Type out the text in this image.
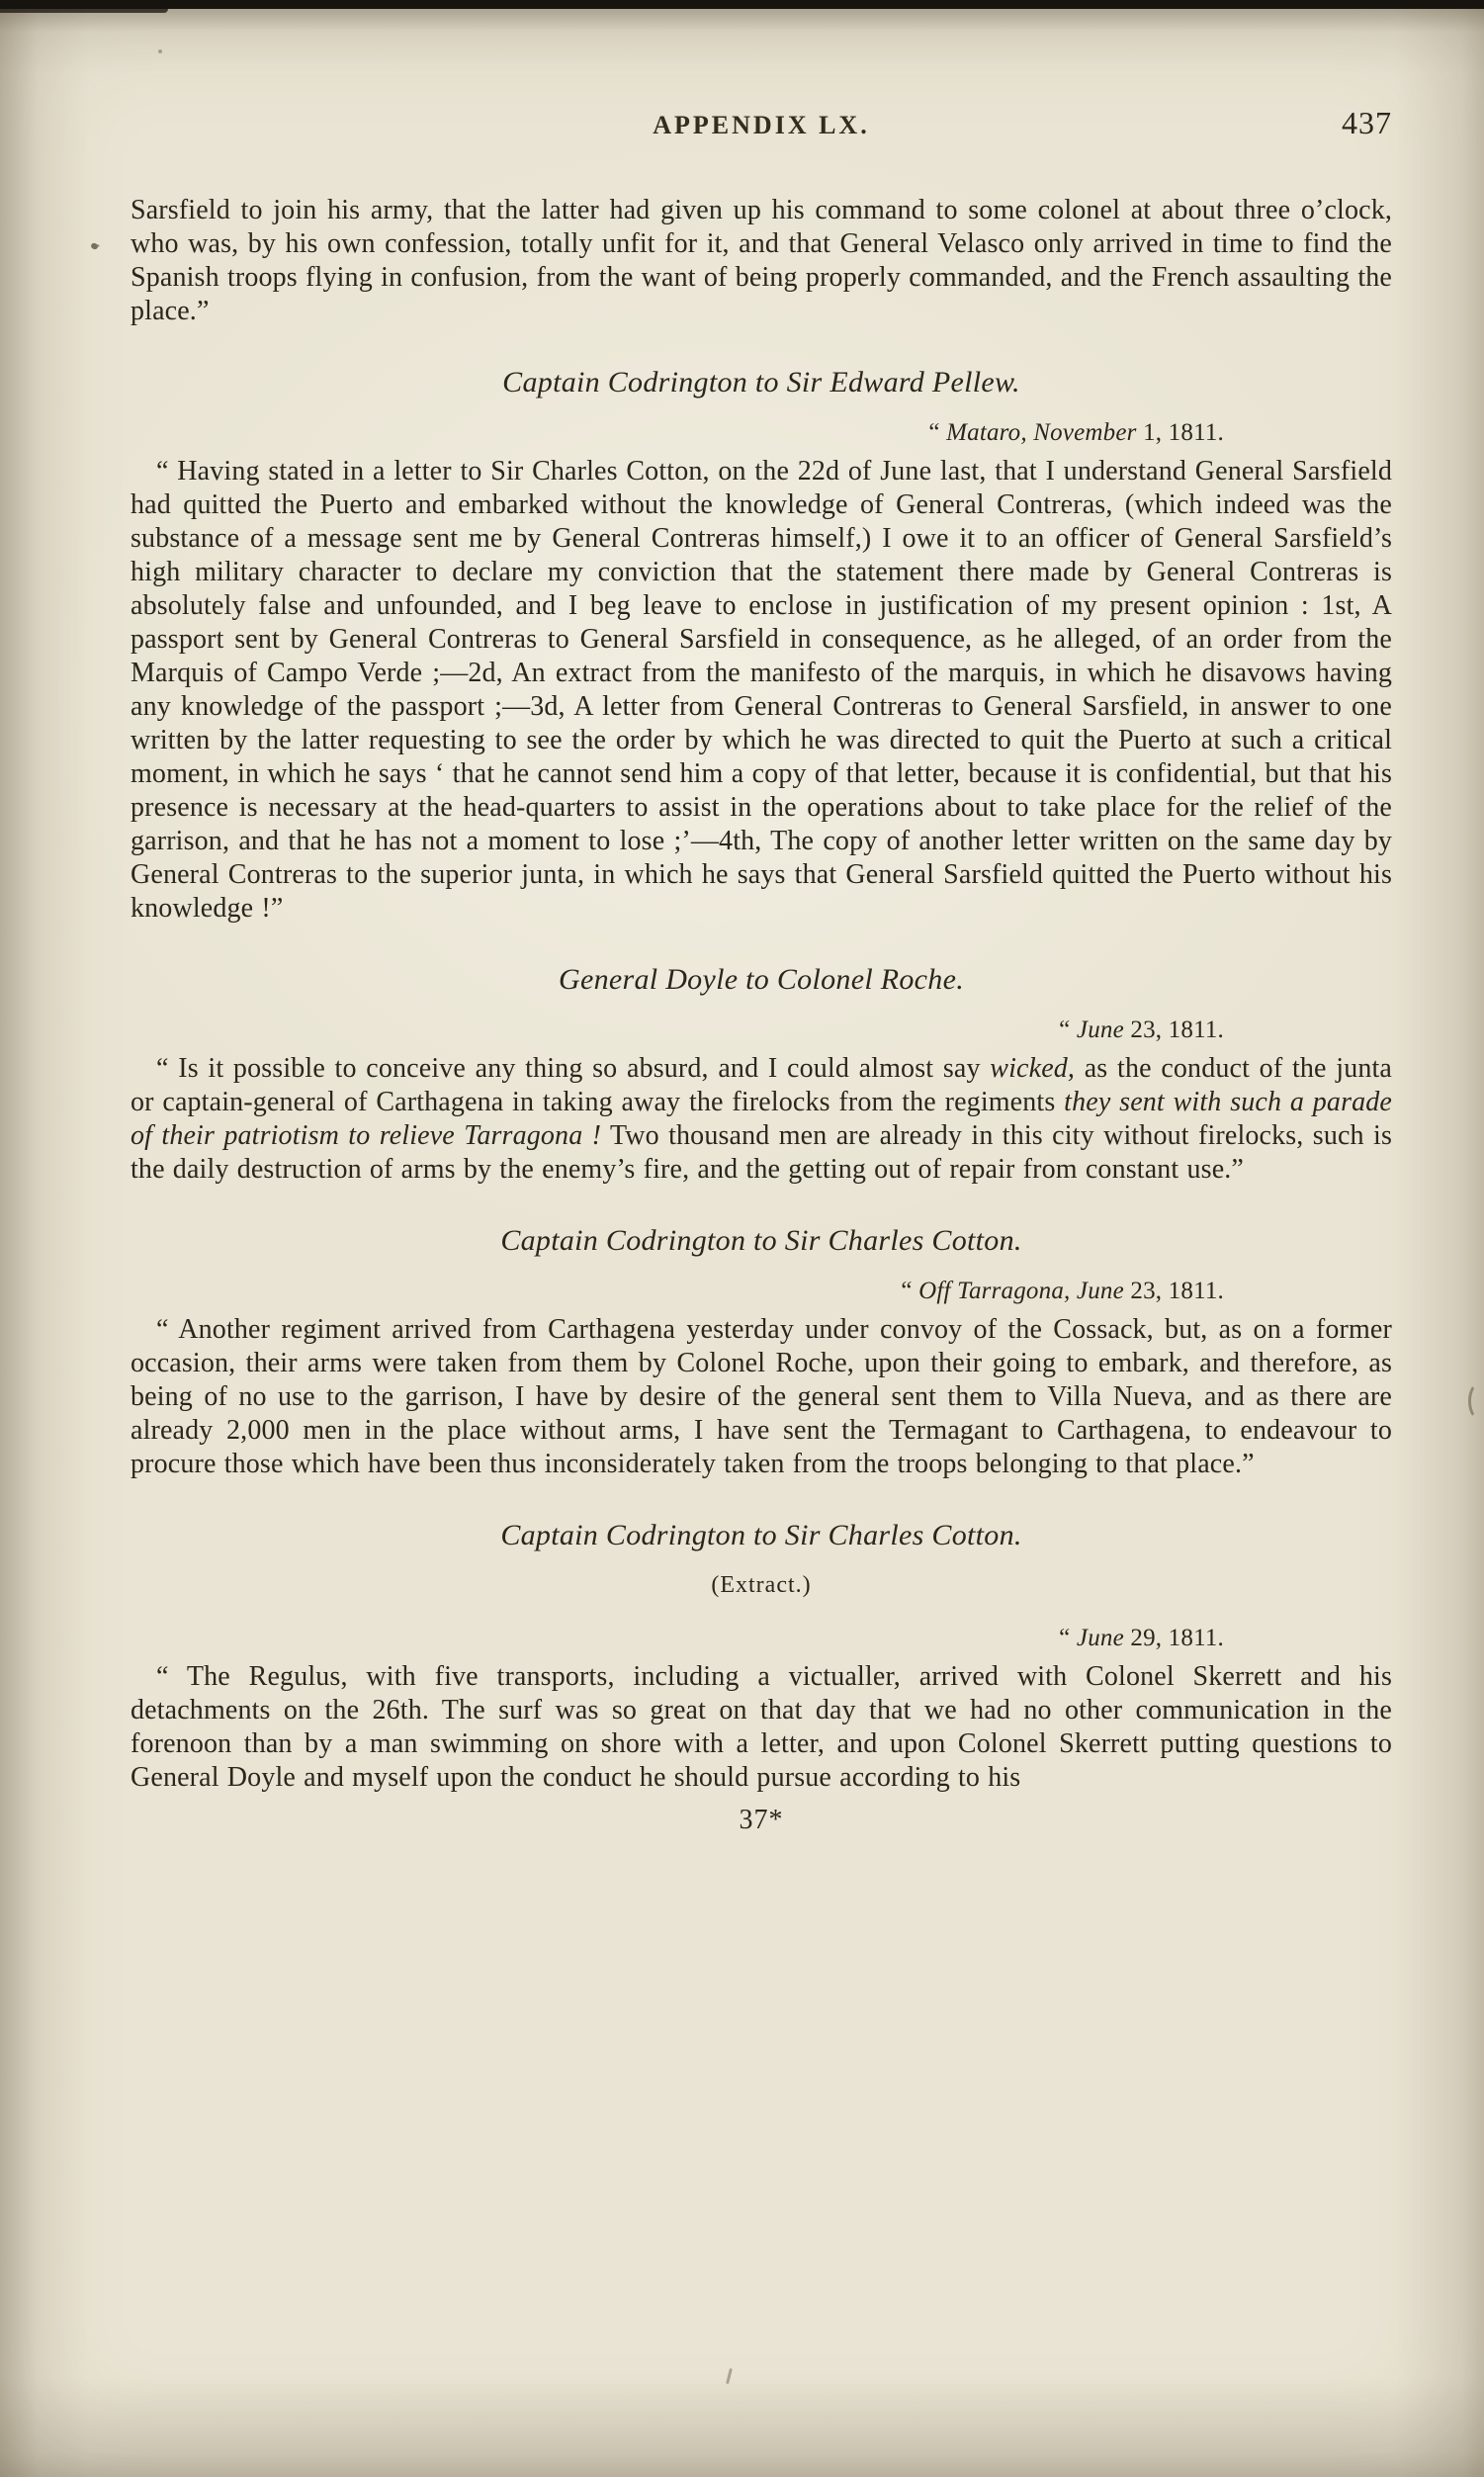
APPENDIX LX.	437

Sarsfield to join his army, that the latter had given up his command to some colonel at about three o’clock, who was, by his own confession, totally unfit for it, and that General Velasco only arrived in time to find the Spanish troops flying in confusion, from the want of being properly commanded, and the French assaulting the place.”

Captain Codrington to Sir Edward Pellew.

“ Mataro, November 1, 1811.

“ Having stated in a letter to Sir Charles Cotton, on the 22d of June last, that I understand General Sarsfield had quitted the Puerto and embarked without the knowledge of General Contreras, (which indeed was the substance of a message sent me by General Contreras himself,) I owe it to an officer of General Sarsfield’s high military character to declare my conviction that the statement there made by General Contreras is absolutely false and unfounded, and I beg leave to enclose in justification of my present opinion : 1st, A passport sent by General Contreras to General Sarsfield in consequence, as he alleged, of an order from the Marquis of Campo Verde ;—2d, An extract from the manifesto of the marquis, in which he disavows having any knowledge of the passport ;—3d, A letter from General Contreras to General Sarsfield, in answer to one written by the latter requesting to see the order by which he was directed to quit the Puerto at such a critical moment, in which he says ‘ that he cannot send him a copy of that letter, because it is confidential, but that his presence is necessary at the head-quarters to assist in the operations about to take place for the relief of the garrison, and that he has not a moment to lose ;’—4th, The copy of another letter written on the same day by General Contreras to the superior junta, in which he says that General Sarsfield quitted the Puerto without his knowledge !”

General Doyle to Colonel Roche.

“ June 23, 1811.

“ Is it possible to conceive any thing so absurd, and I could almost say wicked, as the conduct of the junta or captain-general of Carthagena in taking away the firelocks from the regiments they sent with such a parade of their patriotism to relieve Tarragona ! Two thousand men are already in this city without firelocks, such is the daily destruction of arms by the enemy’s fire, and the getting out of repair from constant use.”

Captain Codrington to Sir Charles Cotton.

“ Off Tarragona, June 23, 1811.

“ Another regiment arrived from Carthagena yesterday under convoy of the Cossack, but, as on a former occasion, their arms were taken from them by Colonel Roche, upon their going to embark, and therefore, as being of no use to the garrison, I have by desire of the general sent them to Villa Nueva, and as there are already 2,000 men in the place without arms, I have sent the Termagant to Carthagena, to endeavour to procure those which have been thus inconsiderately taken from the troops belonging to that place.”

Captain Codrington to Sir Charles Cotton.

(Extract.)

“ June 29, 1811.

“ The Regulus, with five transports, including a victualler, arrived with Colonel Skerrett and his detachments on the 26th. The surf was so great on that day that we had no other communication in the forenoon than by a man swimming on shore with a letter, and upon Colonel Skerrett putting questions to General Doyle and myself upon the conduct he should pursue according to his

37*
